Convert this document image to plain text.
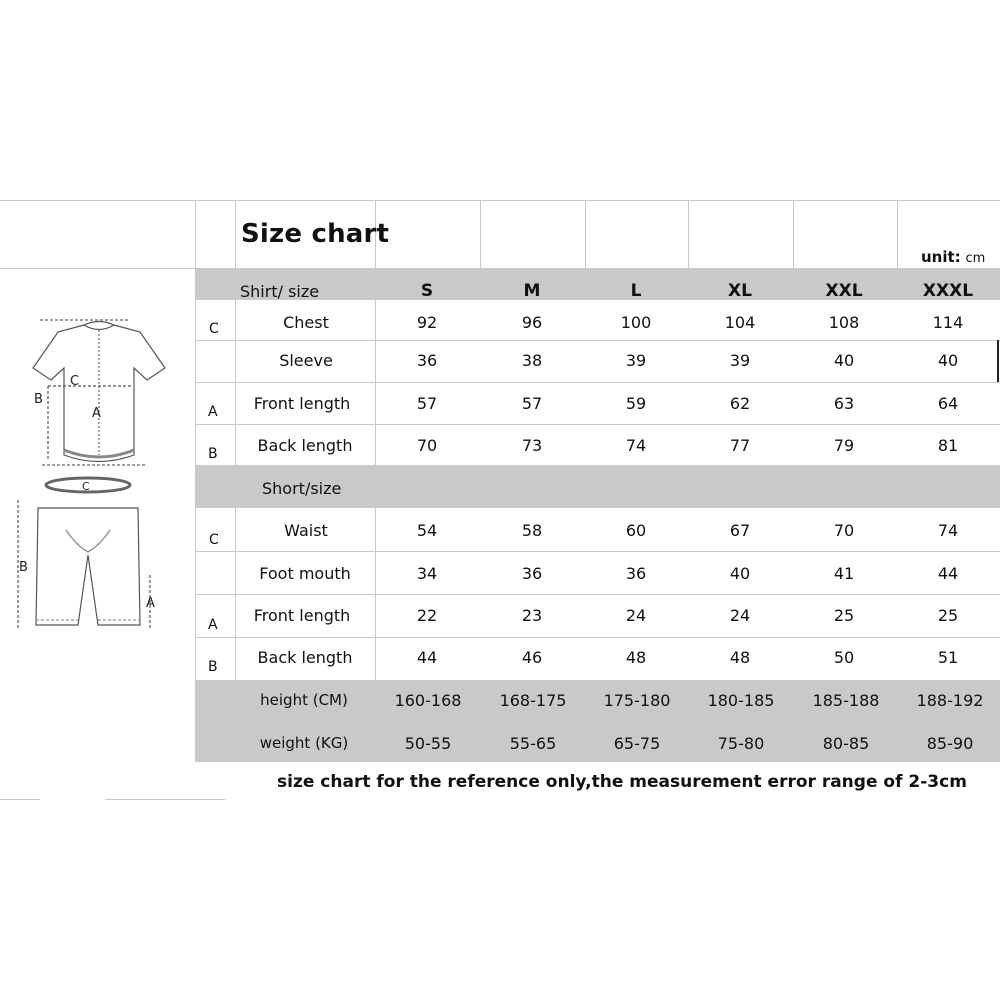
Size chart
unit: cm
Shirt/ size	S	M	L	XL	XXL	XXXL
C	Chest	92	96	100	104	108	114
Sleeve	36	38	39	39	40	40
A Front length	57	57	59	62	63	64
B Back length	70	73	74	77	79	81
Short/size
C	Waist	54	58	60	67	70	74
Foot mouth	34	36	36	40	41	44
A Front length	22	23	24	24	25	25
B Back length	44	46	48	48	50	51
height (CM)	160-168 168-175 175-180 180-185 185-188 188-192
weight (KG)	50-55	55-65	65-75	75-80	80-85	85-90
size chart for the reference only,the measurement error range of 2-3cm
C
B
A
C
B
A
